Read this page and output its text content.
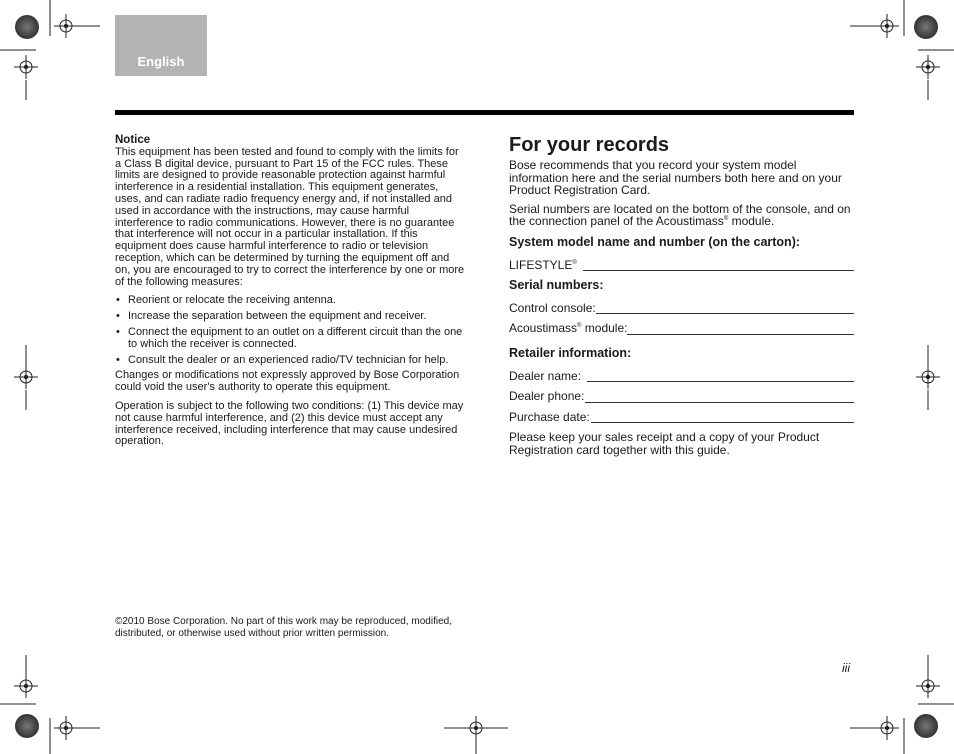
English
Notice

This equipment has been tested and found to comply with the limits for a Class B digital device, pursuant to Part 15 of the FCC rules. These limits are designed to provide reasonable protection against harmful interference in a residential installation. This equipment generates, uses, and can radiate radio frequency energy and, if not installed and used in accordance with the instructions, may cause harmful interference to radio communications. However, there is no guarantee that interference will not occur in a particular installation. If this equipment does cause harmful interference to radio or television reception, which can be determined by turning the equipment off and on, you are encouraged to try to correct the interference by one or more of the following measures:

• Reorient or relocate the receiving antenna.
• Increase the separation between the equipment and receiver.
• Connect the equipment to an outlet on a different circuit than the one to which the receiver is connected.
• Consult the dealer or an experienced radio/TV technician for help.

Changes or modifications not expressly approved by Bose Corporation could void the user's authority to operate this equipment.

Operation is subject to the following two conditions: (1) This device may not cause harmful interference, and (2) this device must accept any interference received, including interference that may cause undesired operation.

©2010 Bose Corporation. No part of this work may be reproduced, modified, distributed, or otherwise used without prior written permission.
For your records

Bose recommends that you record your system model information here and the serial numbers both here and on your Product Registration Card.

Serial numbers are located on the bottom of the console, and on the connection panel of the Acoustimass® module.

System model name and number (on the carton):
LIFESTYLE®
Serial numbers:
Control console:
Acoustimass® module:
Retailer information:
Dealer name:
Dealer phone:
Purchase date:

Please keep your sales receipt and a copy of your Product Registration card together with this guide.

iii
